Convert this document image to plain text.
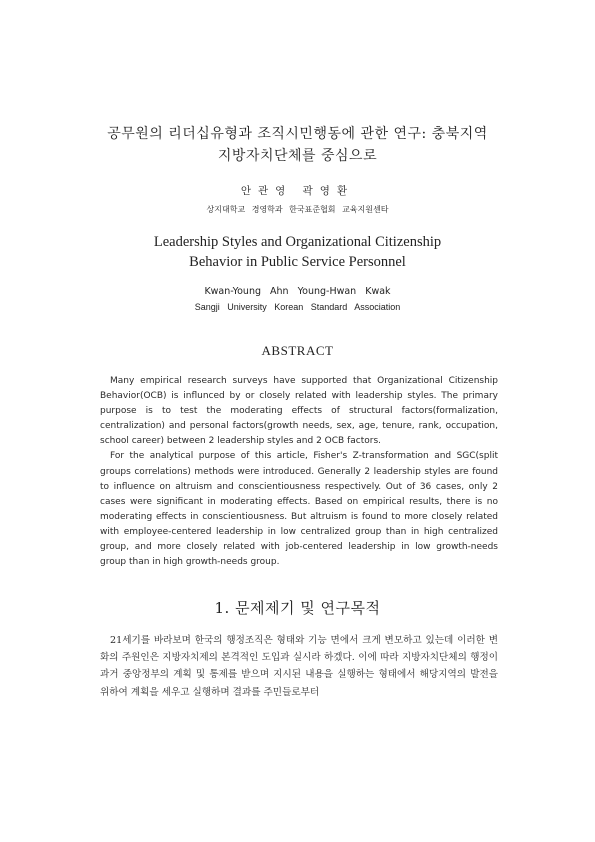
공무원의 리더십유형과 조직시민행동에 관한 연구: 충북지역
지방자치단체를 중심으로
안관영 곽영환
상지대학교 경영학과 한국표준협회 교육지원센타
Leadership Styles and Organizational Citizenship
Behavior in Public Service Personnel
Kwan-Young Ahn Young-Hwan Kwak
Sangji University Korean Standard Association
ABSTRACT

Many empirical research surveys have supported that Organizational Citizenship Behavior(OCB) is influnced by or closely related with leadership styles. The primary purpose is to test the moderating effects of structural factors(formalization, centralization) and personal factors(growth needs, sex, age, tenure, rank, occupation, school career) between 2 leadership styles and 2 OCB factors.

For the analytical purpose of this article, Fisher's Z-transformation and SGC(split groups correlations) methods were introduced. Generally 2 leadership styles are found to influence on altruism and conscientiousness respectively. Out of 36 cases, only 2 cases were significant in moderating effects. Based on empirical results, there is no moderating effects in conscientiousness. But altruism is found to more closely related with employee-centered leadership in low centralized group than in high centralized group, and more closely related with job-centered leadership in low growth-needs group than in high growth-needs group.

1. 문제제기 및 연구목적

21세기를 바라보며 한국의 행정조직은 형태와 기능 면에서 크게 변모하고 있는데 이러한 변화의 주원인은 지방자치제의 본격적인 도입과 실시라 하겠다. 이에 따라 지방자치단체의 행정이 과거 중앙정부의 계획 및 통제를 받으며 지시된 내용을 실행하는 형태에서 해당지역의 발전을 위하여 계획을 세우고 실행하며 결과를 주민들로부터
